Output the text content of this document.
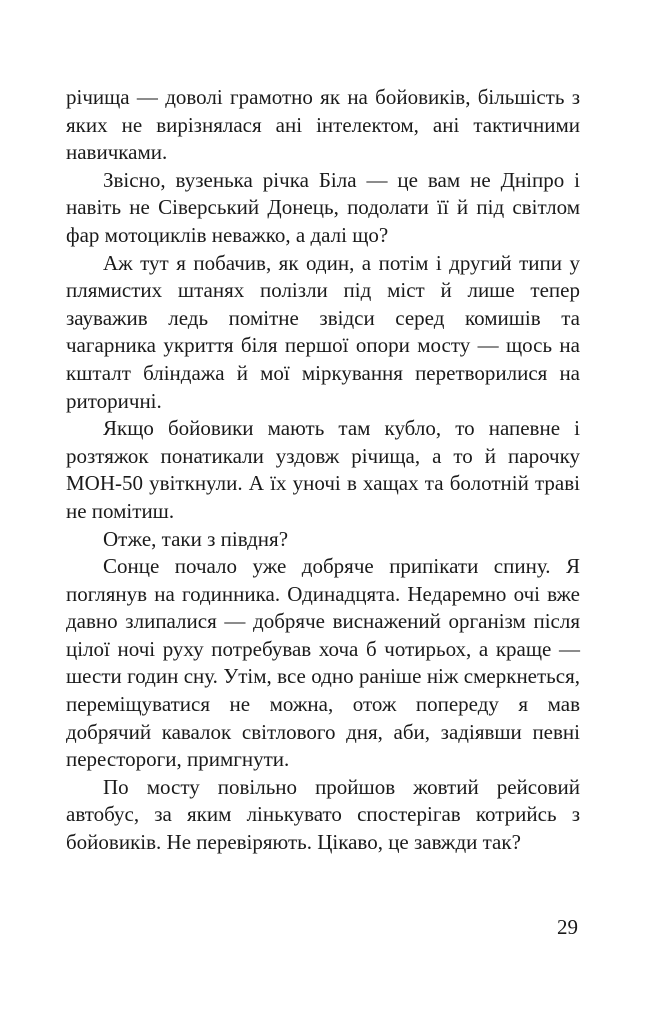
річища — доволі грамотно як на бойовиків, більшість з яких не вирізнялася ані інтелектом, ані тактичними навичками.

Звісно, вузенька річка Біла — це вам не Дніпро і навіть не Сіверський Донець, подолати її й під світлом фар мотоциклів неважко, а далі що?

Аж тут я побачив, як один, а потім і другий типи у плямистих штанях полізли під міст й лише тепер зауважив ледь помітне звідси серед комишів та чагарника укриття біля першої опори мосту — щось на кшталт бліндажа й мої міркування перетворилися на риторичні.

Якщо бойовики мають там кубло, то напевне і розтяжок понатикали уздовж річища, а то й парочку МОН-50 увіткнули. А їх уночі в хащах та болотній траві не помітиш.

Отже, таки з півдня?

Сонце почало уже добряче припікати спину. Я поглянув на годинника. Одинадцята. Недаремно очі вже давно злипалися — добряче виснажений організм після цілої ночі руху потребував хоча б чотирьох, а краще — шести годин сну. Утім, все одно раніше ніж смеркнеться, переміщуватися не можна, отож попереду я мав добрячий кавалок світлового дня, аби, задіявши певні перестороги, примгнути.

По мосту повільно пройшов жовтий рейсовий автобус, за яким лінькувато спостерігав котрийсь з бойовиків. Не перевіряють. Цікаво, це завжди так?

29
